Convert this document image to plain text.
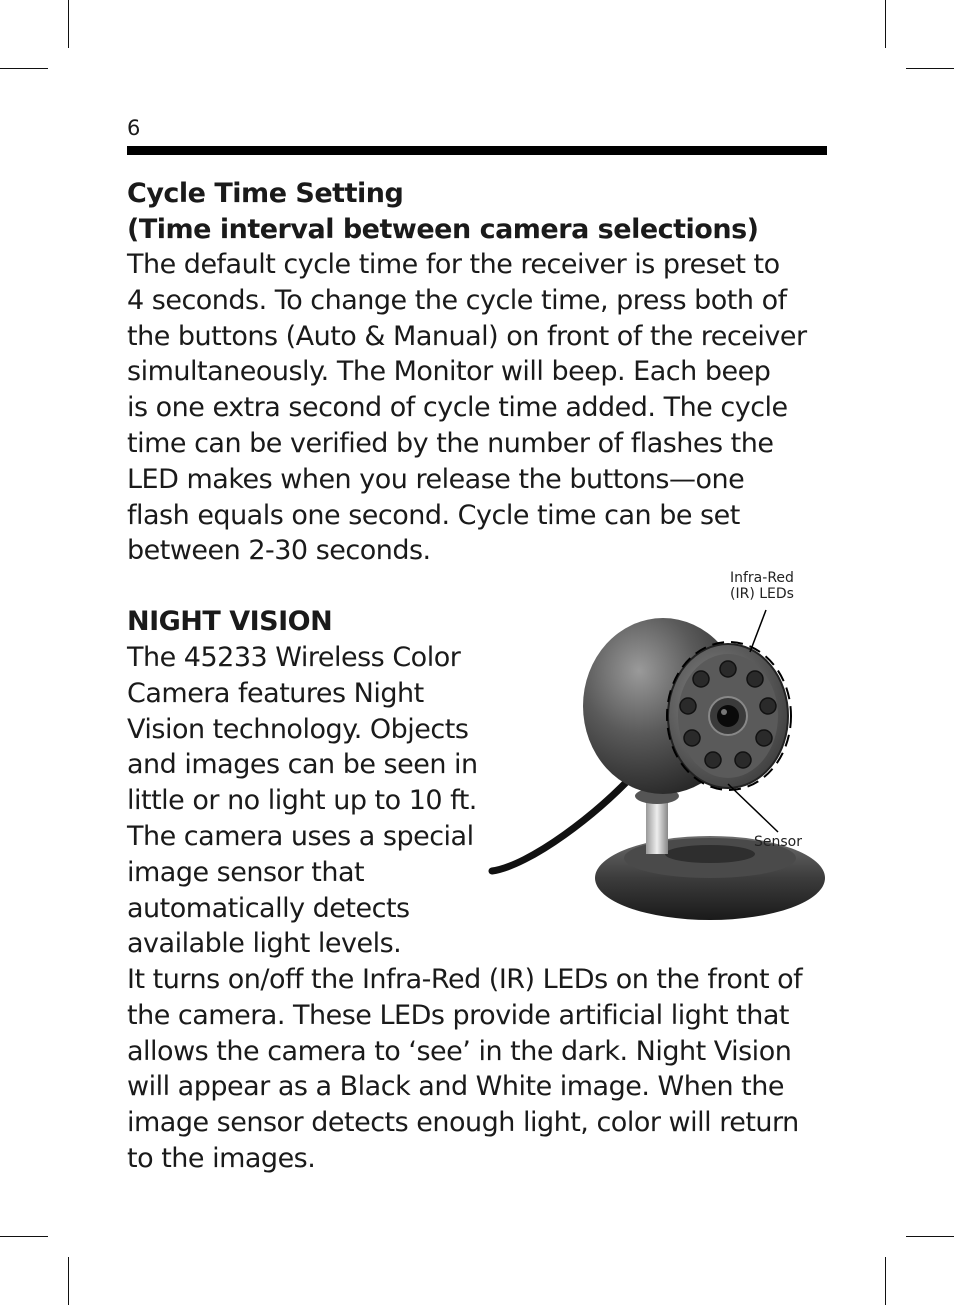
6

Cycle Time Setting
(Time interval between camera selections)

The default cycle time for the receiver is preset to
4 seconds. To change the cycle time, press both of
the buttons (Auto & Manual) on front of the receiver
simultaneously. The Monitor will beep. Each beep
is one extra second of cycle time added. The cycle
time can be verified by the number of flashes the
LED makes when you release the buttons—one
flash equals one second. Cycle time can be set
between 2-30 seconds.

NIGHT VISION

The 45233 Wireless Color
Camera features Night
Vision technology. Objects
and images can be seen in
little or no light up to 10 ft.
The camera uses a special
image sensor that
automatically detects
available light levels.

Infra-Red
(IR) LEDs
Sensor

It turns on/off the Infra-Red (IR) LEDs on the front of
the camera. These LEDs provide artificial light that
allows the camera to ‘see’ in the dark. Night Vision
will appear as a Black and White image. When the
image sensor detects enough light, color will return
to the images.
